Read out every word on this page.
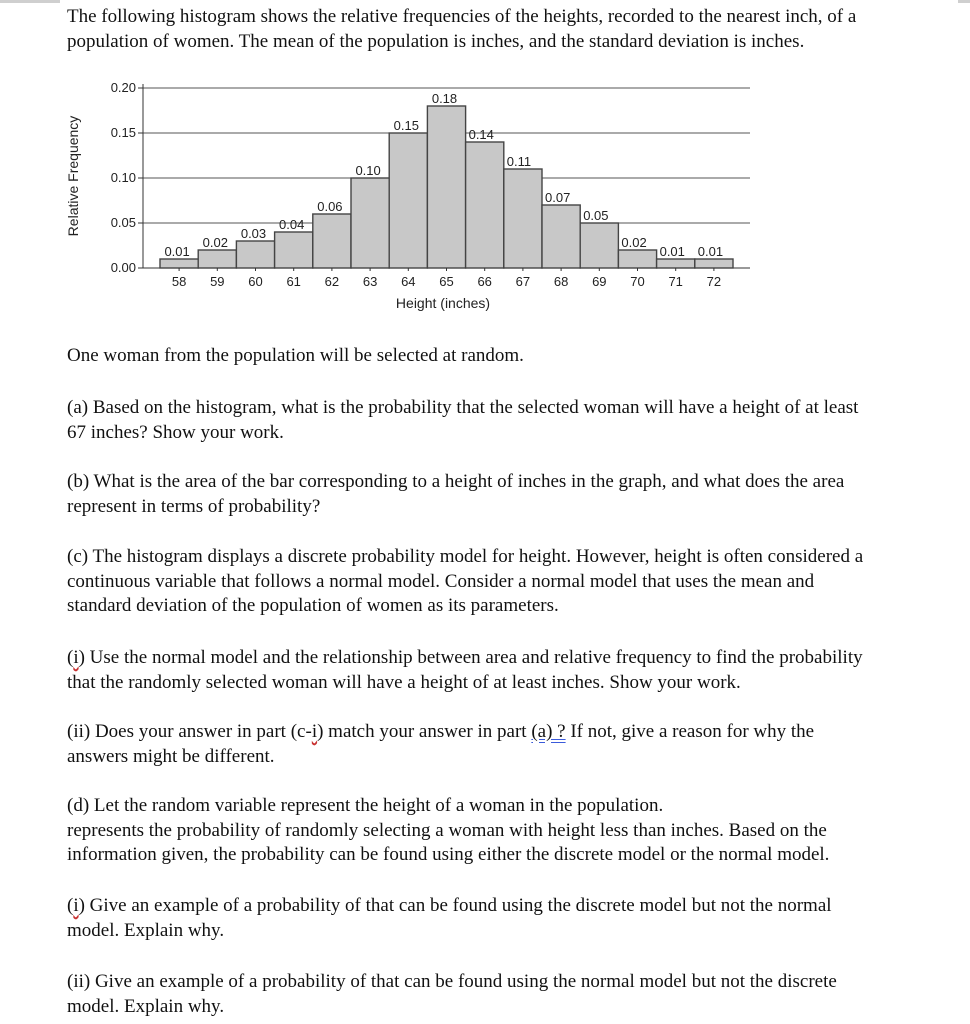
The following histogram shows the relative frequencies of the heights, recorded to the nearest inch, of a
population of women. The mean of the population is inches, and the standard deviation is inches.

0.00
0.05
0.10
0.15
0.20
0.01
0.02
0.03
0.04
0.06
0.10
0.15
0.18
0.14
0.11
0.07
0.05
0.02
0.01 0.01
58 59 60 61 62 63 64 65 66 67 68 69 70 71 72
Height (inches)
Relative Frequency

One woman from the population will be selected at random.

(a) Based on the histogram, what is the probability that the selected woman will have a height of at least
67 inches? Show your work.

(b) What is the area of the bar corresponding to a height of inches in the graph, and what does the area
represent in terms of probability?

(c) The histogram displays a discrete probability model for height. However, height is often considered a
continuous variable that follows a normal model. Consider a normal model that uses the mean and
standard deviation of the population of women as its parameters.

(i) Use the normal model and the relationship between area and relative frequency to find the probability
that the randomly selected woman will have a height of at least inches. Show your work.

(ii) Does your answer in part (c-i) match your answer in part (a) ? If not, give a reason for why the
answers might be different.

(d) Let the random variable represent the height of a woman in the population.
represents the probability of randomly selecting a woman with height less than inches. Based on the
information given, the probability can be found using either the discrete model or the normal model.

(i) Give an example of a probability of that can be found using the discrete model but not the normal
model. Explain why.

(ii) Give an example of a probability of that can be found using the normal model but not the discrete
model. Explain why.
